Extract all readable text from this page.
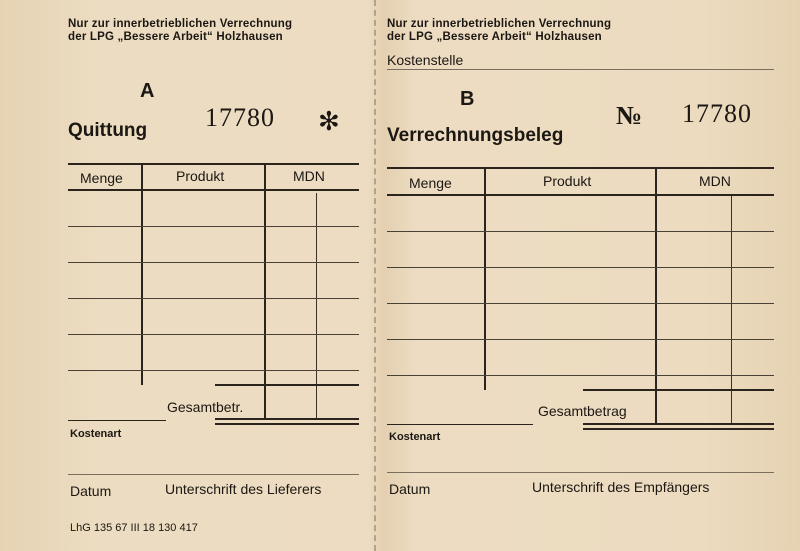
Nur zur innerbetrieblichen Verrechnung
der LPG „Bessere Arbeit“ Holzhausen
A
Quittung 17780 ✻
Menge	Produkt	MDN
Gesamtbetr.
Kostenart
Datum	Unterschrift des Lieferers
LhG 135 67 III 18 130 417
Nur zur innerbetrieblichen Verrechnung
der LPG „Bessere Arbeit“ Holzhausen
Kostenstelle
B
Verrechnungsbeleg
№ 17780
Menge	Produkt	MDN
Gesamtbetrag
Kostenart
Datum	Unterschrift des Empfängers
